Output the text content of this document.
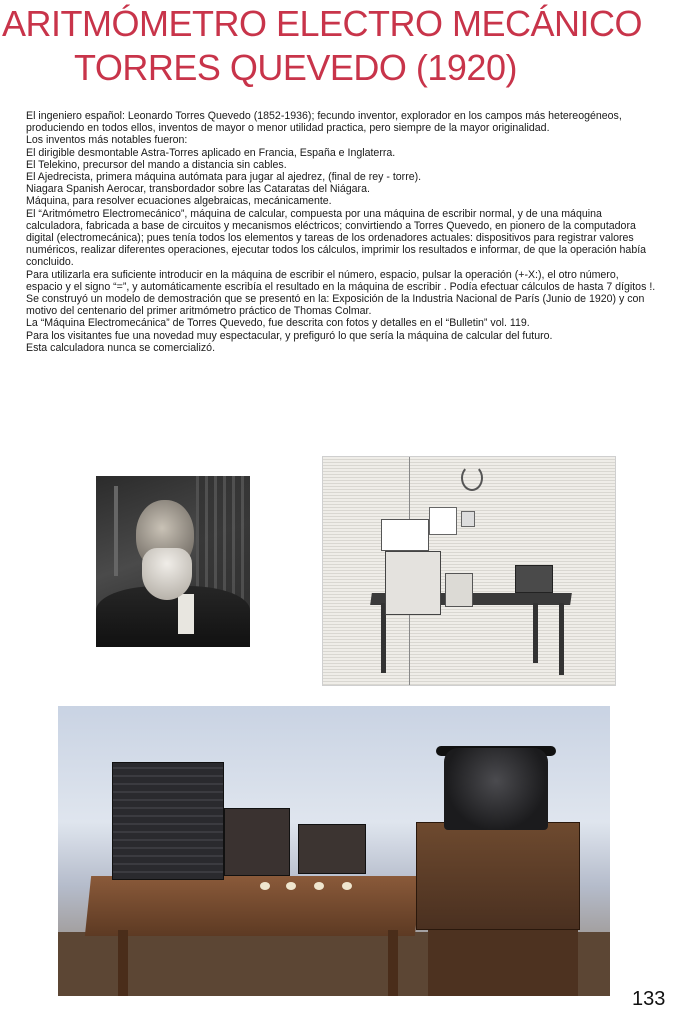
ARITMÓMETRO ELECTRO MECÁNICO
TORRES QUEVEDO (1920)

El ingeniero español: Leonardo Torres Quevedo (1852-1936); fecundo inventor, explorador en los campos más hetereogéneos, produciendo en todos ellos, inventos de mayor o menor utilidad practica, pero siempre de la mayor originalidad.

Los inventos más notables fueron:

El dirigible desmontable Astra-Torres aplicado en Francia, España e Inglaterra.

El Telekino, precursor del mando a distancia sin cables.

El Ajedrecista, primera máquina autómata para jugar al ajedrez, (final de rey - torre).

Niagara Spanish Aerocar, transbordador sobre las Cataratas del Niágara.

Máquina, para resolver ecuaciones algebraicas, mecánicamente.

El “Aritmómetro Electromecánico”, máquina de calcular, compuesta por una máquina de escribir normal, y de una máquina calculadora, fabricada a base de circuitos y mecanismos eléctricos; convirtiendo a Torres Quevedo, en pionero de la computadora digital (electromecánica); pues tenía todos los elementos y tareas de los ordenadores actuales: dispositivos para registrar valores numéricos, realizar diferentes operaciones, ejecutar todos los cálculos, imprimir los resultados e informar, de que la operación había concluido.

Para utilizarla era suficiente introducir en la máquina de escribir el número, espacio, pulsar la operación (+-X:), el otro número, espacio y el signo “=”, y automáticamente escribía el resultado en la máquina de escribir . Podía efectuar cálculos de hasta 7 dígitos !.

Se construyó un modelo de demostración que se presentó en la: Exposición de la Industria Nacional de París (Junio de 1920) y con motivo del centenario del primer aritmómetro práctico de Thomas Colmar.

La “Máquina Electromecánica” de Torres Quevedo, fue descrita con fotos y detalles en el “Bulletin” vol. 119.

Para los visitantes fue una novedad muy espectacular, y prefiguró lo que sería la máquina de calcular del futuro.

Esta calculadora nunca se comercializó.

133
